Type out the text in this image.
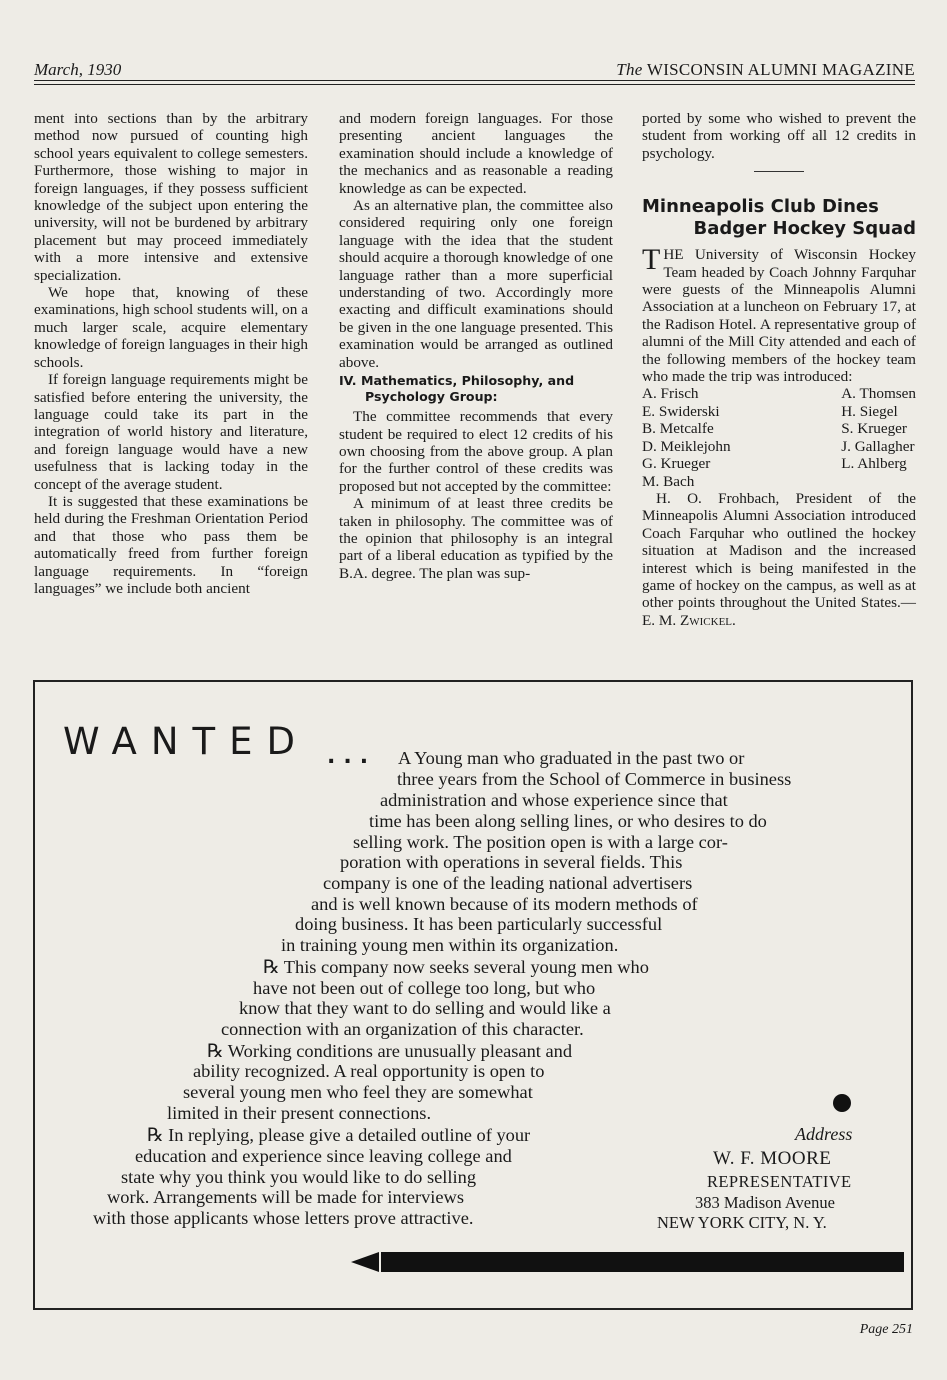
March, 1930	The WISCONSIN ALUMNI MAGAZINE

ment into sections than by the arbitrary method now pursued of counting high school years equivalent to college semesters. Furthermore, those wishing to major in foreign languages, if they possess sufficient knowledge of the subject upon entering the university, will not be burdened by arbitrary placement but may proceed immediately with a more intensive and extensive specialization.

We hope that, knowing of these examinations, high school students will, on a much larger scale, acquire elementary knowledge of foreign languages in their high schools.

If foreign language requirements might be satisfied before entering the university, the language could take its part in the integration of world history and literature, and foreign language would have a new usefulness that is lacking today in the concept of the average student.

It is suggested that these examinations be held during the Freshman Orientation Period and that those who pass them be automatically freed from further foreign language requirements. In “foreign languages” we include both ancient

and modern foreign languages. For those presenting ancient languages the examination should include a knowledge of the mechanics and as reasonable a reading knowledge as can be expected.

As an alternative plan, the committee also considered requiring only one foreign language with the idea that the student should acquire a thorough knowledge of one language rather than a more superficial understanding of two. Accordingly more exacting and difficult examinations should be given in the one language presented. This examination would be arranged as outlined above.

IV. Mathematics, Philosophy, and
Psychology Group:

The committee recommends that every student be required to elect 12 credits of his own choosing from the above group. A plan for the further control of these credits was proposed but not accepted by the committee:

A minimum of at least three credits be taken in philosophy. The committee was of the opinion that philosophy is an integral part of a liberal education as typified by the B.A. degree. The plan was sup-

ported by some who wished to prevent the student from working off all 12 credits in psychology.

Minneapolis Club Dines
Badger Hockey Squad

THE University of Wisconsin Hockey Team headed by Coach Johnny Farquhar were guests of the Minneapolis Alumni Association at a luncheon on February 17, at the Radison Hotel. A representative group of alumni of the Mill City attended and each of the following members of the hockey team who made the trip was introduced:

A. Frisch	A. Thomsen
E. Swiderski	H. Siegel
B. Metcalfe	S. Krueger
D. Meiklejohn	J. Gallagher
G. Krueger	L. Ahlberg
M. Bach

H. O. Frohbach, President of the Minneapolis Alumni Association introduced Coach Farquhar who outlined the hockey situation at Madison and the increased interest which is being manifested in the game of hockey on the campus, as well as at other points throughout the United States.—E. M. Zwickel.

WANTED ... A Young man who graduated in the past two or
three years from the School of Commerce in business
administration and whose experience since that
time has been along selling lines, or who desires to do
selling work. The position open is with a large cor-
poration with operations in several fields. This
company is one of the leading national advertisers
and is well known because of its modern methods of
doing business. It has been particularly successful
in training young men within its organization.
℞ This company now seeks several young men who
have not been out of college too long, but who
know that they want to do selling and would like a
connection with an organization of this character.
℞ Working conditions are unusually pleasant and
ability recognized. A real opportunity is open to
several young men who feel they are somewhat
limited in their present connections.
℞ In replying, please give a detailed outline of your
education and experience since leaving college and
state why you think you would like to do selling
work. Arrangements will be made for interviews
with those applicants whose letters prove attractive.
Address
W. F. MOORE
REPRESENTATIVE
383 Madison Avenue
NEW YORK CITY, N. Y.
Page 251
